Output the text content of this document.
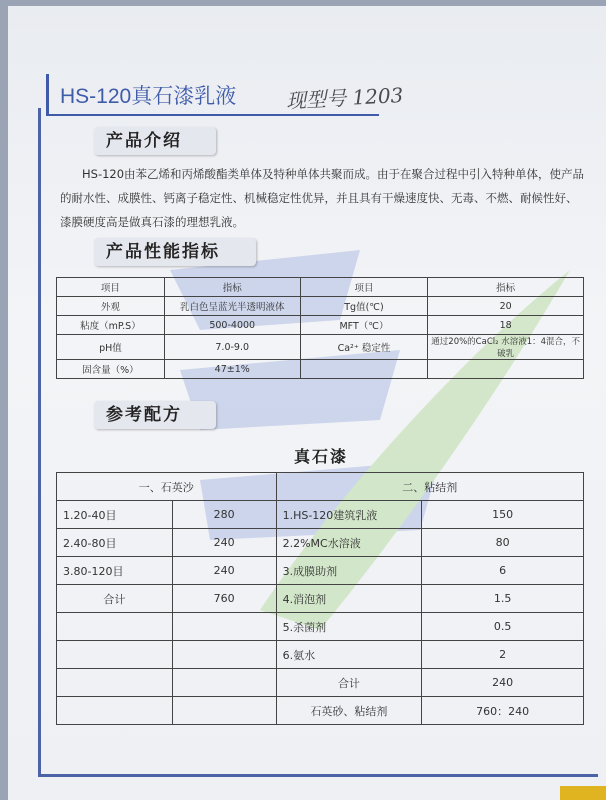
HS-120真石漆乳液 现型号 1203
产品介绍
HS-120由苯乙烯和丙烯酸酯类单体及特种单体共聚而成。由于在聚合过程中引入特种单体，使产品的耐水性、成膜性、钙离子稳定性、机械稳定性优异，并且具有干燥速度快、无毒、不燃、耐候性好、漆膜硬度高是做真石漆的理想乳液。
产品性能指标
项目	指标	项目	指标
外观	乳白色呈蓝光半透明液体	Tg值(℃)	20
粘度（mP.S）	500-4000	MFT（℃）	18
pH值	7.0-9.0	Ca²⁺ 稳定性	通过20%的CaCl₂ 水溶液1：4混合，不破乳
固含量（%）	47±1%		
参考配方
真石漆
一、石英沙		二、粘结剂	
1.20-40目	280	1.HS-120建筑乳液	150
2.40-80目	240	2.2%MC水溶液	80
3.80-120目	240	3.成膜助剂	6
合计	760	4.消泡剂	1.5
		5.杀菌剂	0.5
		6.氨水	2
		合计	240
		石英砂、粘结剂	760：240
